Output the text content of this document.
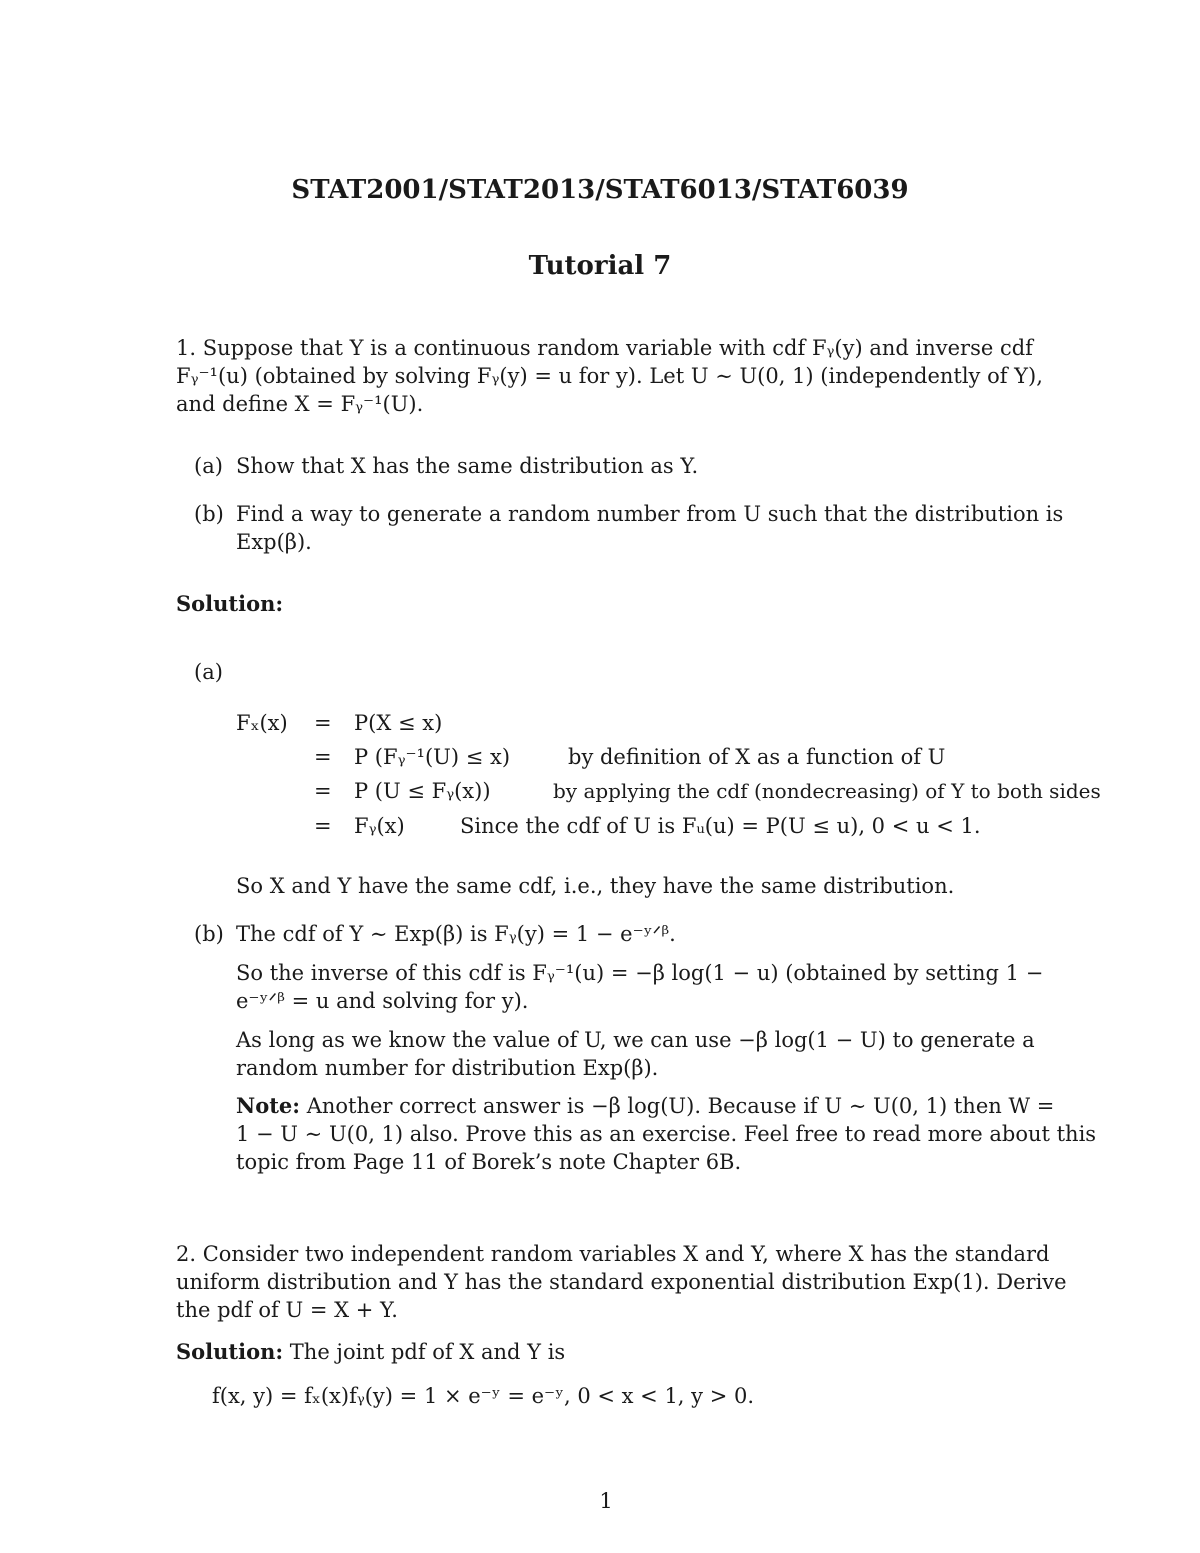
STAT2001/STAT2013/STAT6013/STAT6039
Tutorial 7
1. Suppose that Y is a continuous random variable with cdf Fᵧ(y) and inverse cdf
Fᵧ⁻¹(u) (obtained by solving Fᵧ(y) = u for y). Let U ∼ U(0, 1) (independently of Y),
and define X = Fᵧ⁻¹(U).
(a) Show that X has the same distribution as Y.
(b) Find a way to generate a random number from U such that the distribution is
Exp(β).
Solution:
(a)
Fₓ(x) = P(X ≤ x)
= P (Fᵧ⁻¹(U) ≤ x)	by definition of X as a function of U
= P (U ≤ Fᵧ(x))	by applying the cdf (nondecreasing) of Y to both sides
= Fᵧ(x)	Since the cdf of U is Fᵤ(u) = P(U ≤ u), 0 < u < 1.
So X and Y have the same cdf, i.e., they have the same distribution.
(b) The cdf of Y ∼ Exp(β) is Fᵧ(y) = 1 − e⁻ʸᐟᵝ.
So the inverse of this cdf is Fᵧ⁻¹(u) = −β log(1 − u) (obtained by setting 1 −
e⁻ʸᐟᵝ = u and solving for y).
As long as we know the value of U, we can use −β log(1 − U) to generate a
random number for distribution Exp(β).
Note: Another correct answer is −β log(U). Because if U ∼ U(0, 1) then W =
1 − U ∼ U(0, 1) also. Prove this as an exercise. Feel free to read more about this
topic from Page 11 of Borek’s note Chapter 6B.
2. Consider two independent random variables X and Y, where X has the standard
uniform distribution and Y has the standard exponential distribution Exp(1). Derive
the pdf of U = X + Y.
Solution: The joint pdf of X and Y is
f(x, y) = fₓ(x)fᵧ(y) = 1 × e⁻ʸ = e⁻ʸ, 0 < x < 1, y > 0.
1
